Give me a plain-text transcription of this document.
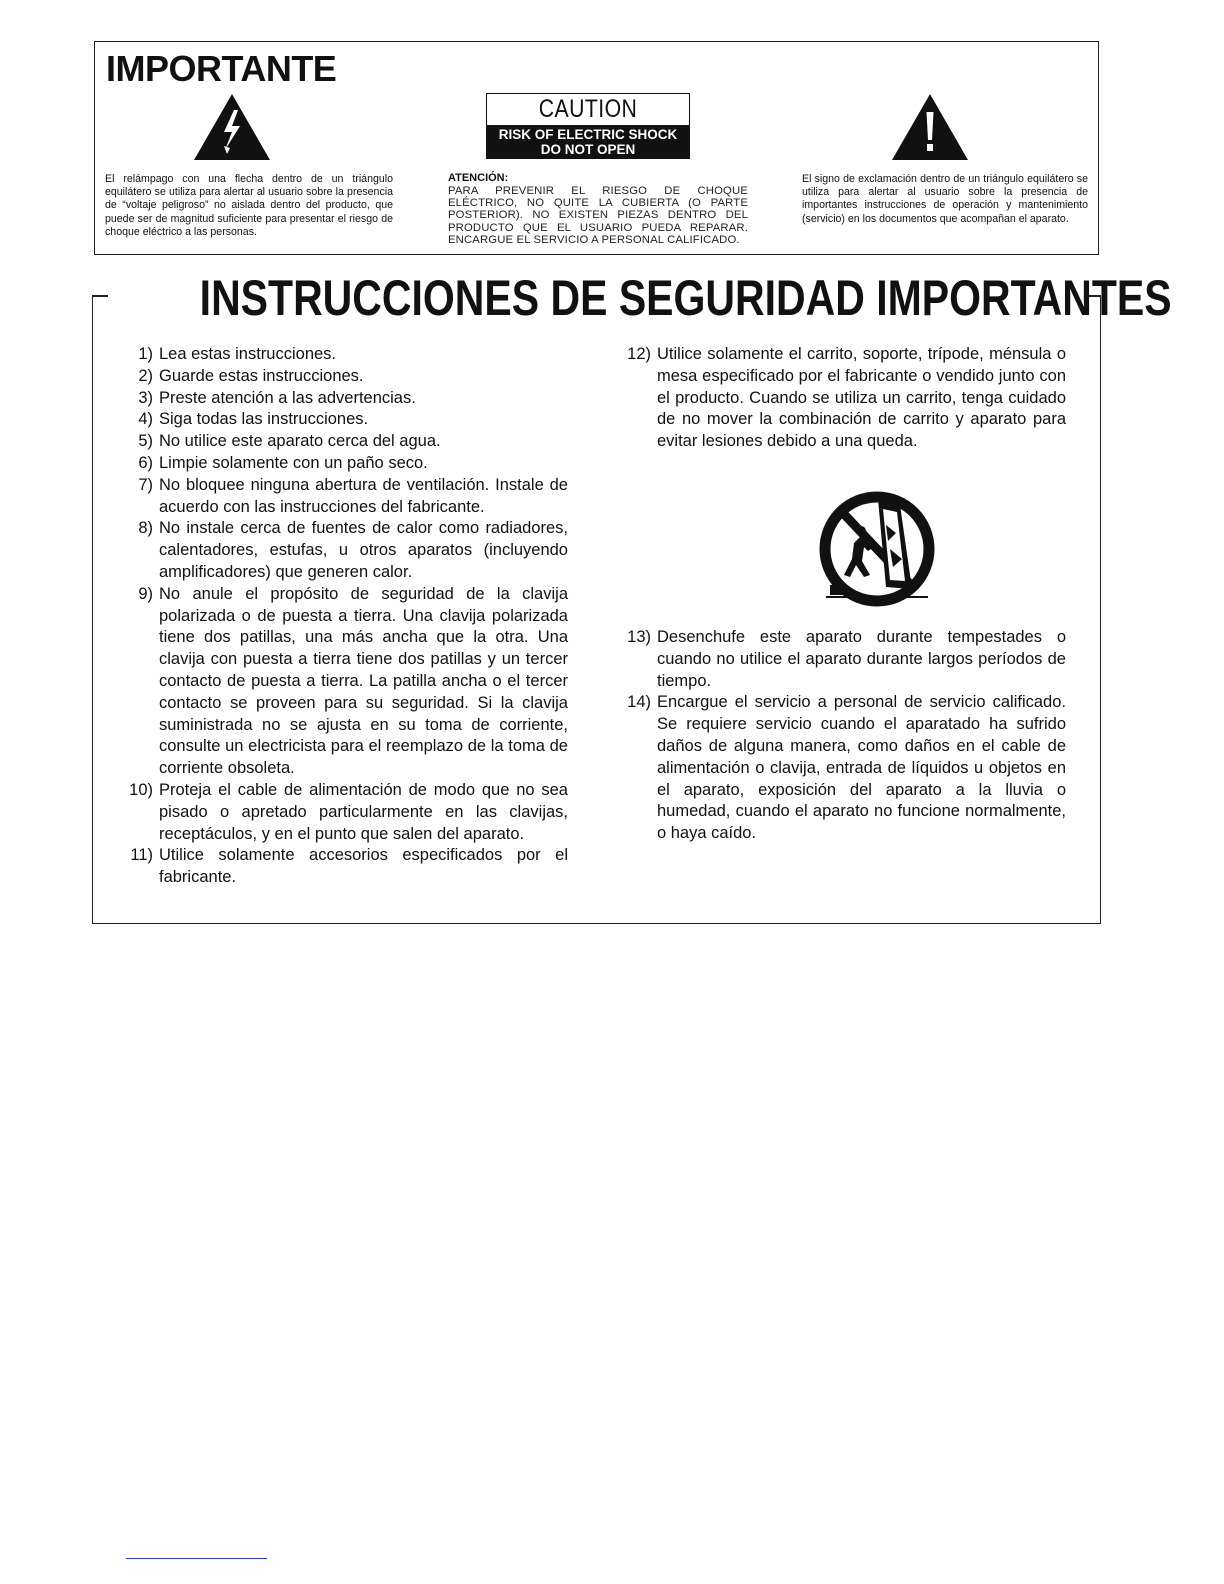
IMPORTANTE
CAUTION
RISK OF ELECTRIC SHOCK
DO NOT OPEN

El relámpago con una flecha dentro de un triángulo equilátero se utiliza para alertar al usuario sobre la presencia de “voltaje peligroso” no aislada dentro del producto, que puede ser de magnitud suficiente para presentar el riesgo de choque eléctrico a las personas.

ATENCIÓN:
PARA PREVENIR EL RIESGO DE CHOQUE ELÉCTRICO, NO QUITE LA CUBIERTA (O PARTE POSTERIOR). NO EXISTEN PIEZAS DENTRO DEL PRODUCTO QUE EL USUARIO PUEDA REPARAR. ENCARGUE EL SERVICIO A PERSONAL CALIFICADO.

El signo de exclamación dentro de un triángulo equilátero se utiliza para alertar al usuario sobre la presencia de importantes instrucciones de operación y mantenimiento (servicio) en los documentos que acompañan el aparato.

INSTRUCCIONES DE SEGURIDAD IMPORTANTES
1) Lea estas instrucciones.
2) Guarde estas instrucciones.
3) Preste atención a las advertencias.
4) Siga todas las instrucciones.
5) No utilice este aparato cerca del agua.
6) Limpie solamente con un paño seco.
7) No bloquee ninguna abertura de ventilación. Instale de acuerdo con las instrucciones del fabricante.
8) No instale cerca de fuentes de calor como radiadores, calentadores, estufas, u otros aparatos (incluyendo amplificadores) que generen calor.
9) No anule el propósito de seguridad de la clavija polarizada o de puesta a tierra. Una clavija polarizada tiene dos patillas, una más ancha que la otra. Una clavija con puesta a tierra tiene dos patillas y un tercer contacto de puesta a tierra. La patilla ancha o el tercer contacto se proveen para su seguridad. Si la clavija suministrada no se ajusta en su toma de corriente, consulte un electricista para el reemplazo de la toma de corriente obsoleta.
10) Proteja el cable de alimentación de modo que no sea pisado o apretado particularmente en las clavijas, receptáculos, y en el punto que salen del aparato.
11) Utilice solamente accesorios especificados por el fabricante.
12) Utilice solamente el carrito, soporte, trípode, ménsula o mesa especificado por el fabricante o vendido junto con el producto. Cuando se utiliza un carrito, tenga cuidado de no mover la combinación de carrito y aparato para evitar lesiones debido a una queda.
13) Desenchufe este aparato durante tempestades o cuando no utilice el aparato durante largos períodos de tiempo.
14) Encargue el servicio a personal de servicio calificado. Se requiere servicio cuando el aparatado ha sufrido daños de alguna manera, como daños en el cable de alimentación o clavija, entrada de líquidos u objetos en el aparato, exposición del aparato a la lluvia o humedad, cuando el aparato no funcione normalmente, o haya caído.
